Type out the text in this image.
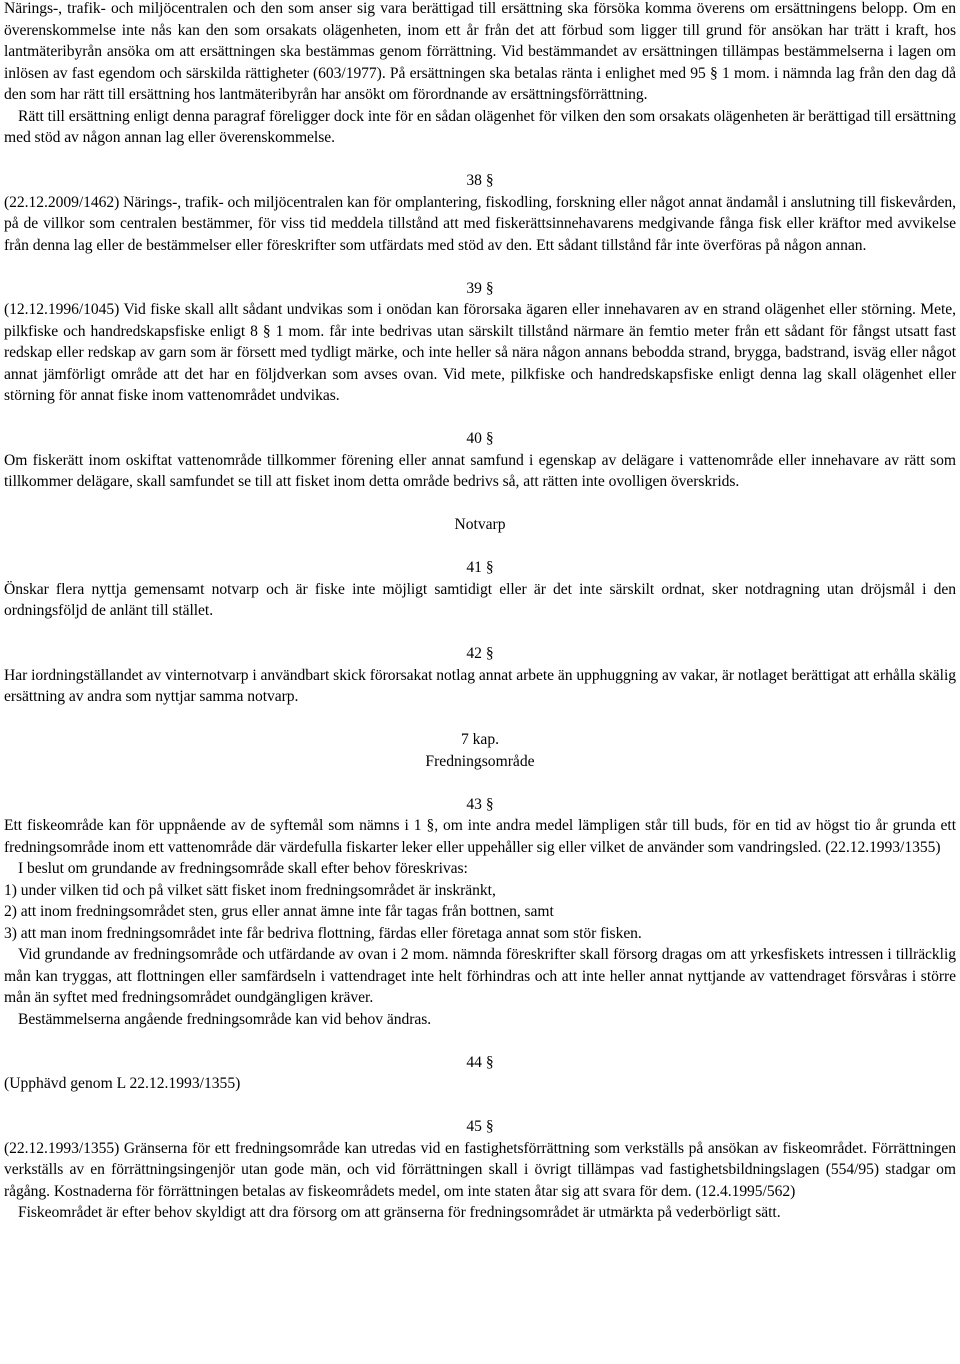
Närings-, trafik- och miljöcentralen och den som anser sig vara berättigad till ersättning ska försöka komma överens om ersättningens belopp. Om en överenskommelse inte nås kan den som orsakats olägenheten, inom ett år från det att förbud som ligger till grund för ansökan har trätt i kraft, hos lantmäteribyrån ansöka om att ersättningen ska bestämmas genom förrättning. Vid bestämmandet av ersättningen tillämpas bestämmelserna i lagen om inlösen av fast egendom och särskilda rättigheter (603/1977). På ersättningen ska betalas ränta i enlighet med 95 § 1 mom. i nämnda lag från den dag då den som har rätt till ersättning hos lantmäteribyrån har ansökt om förordnande av ersättningsförrättning.

Rätt till ersättning enligt denna paragraf föreligger dock inte för en sådan olägenhet för vilken den som orsakats olägenheten är berättigad till ersättning med stöd av någon annan lag eller överenskommelse.

38 §

(22.12.2009/1462) Närings-, trafik- och miljöcentralen kan för omplantering, fiskodling, forskning eller något annat ändamål i anslutning till fiskevården, på de villkor som centralen bestämmer, för viss tid meddela tillstånd att med fiskerättsinnehavarens medgivande fånga fisk eller kräftor med avvikelse från denna lag eller de bestämmelser eller föreskrifter som utfärdats med stöd av den. Ett sådant tillstånd får inte överföras på någon annan.

39 §

(12.12.1996/1045) Vid fiske skall allt sådant undvikas som i onödan kan förorsaka ägaren eller innehavaren av en strand olägenhet eller störning. Mete, pilkfiske och handredskapsfiske enligt 8 § 1 mom. får inte bedrivas utan särskilt tillstånd närmare än femtio meter från ett sådant för fångst utsatt fast redskap eller redskap av garn som är försett med tydligt märke, och inte heller så nära någon annans bebodda strand, brygga, badstrand, isväg eller något annat jämförligt område att det har en följdverkan som avses ovan. Vid mete, pilkfiske och handredskapsfiske enligt denna lag skall olägenhet eller störning för annat fiske inom vattenområdet undvikas.

40 §

Om fiskerätt inom oskiftat vattenområde tillkommer förening eller annat samfund i egenskap av delägare i vattenområde eller innehavare av rätt som tillkommer delägare, skall samfundet se till att fisket inom detta område bedrivs så, att rätten inte ovolligen överskrids.

Notvarp

41 §

Önskar flera nyttja gemensamt notvarp och är fiske inte möjligt samtidigt eller är det inte särskilt ordnat, sker notdragning utan dröjsmål i den ordningsföljd de anlänt till stället.

42 §

Har iordningställandet av vinternotvarp i användbart skick förorsakat notlag annat arbete än upphuggning av vakar, är notlaget berättigat att erhålla skälig ersättning av andra som nyttjar samma notvarp.

7 kap.

Fredningsområde

43 §

Ett fiskeområde kan för uppnående av de syftemål som nämns i 1 §, om inte andra medel lämpligen står till buds, för en tid av högst tio år grunda ett fredningsområde inom ett vattenområde där värdefulla fiskarter leker eller uppehåller sig eller vilket de använder som vandringsled. (22.12.1993/1355)

I beslut om grundande av fredningsområde skall efter behov föreskrivas:

1) under vilken tid och på vilket sätt fisket inom fredningsområdet är inskränkt,

2) att inom fredningsområdet sten, grus eller annat ämne inte får tagas från bottnen, samt

3) att man inom fredningsområdet inte får bedriva flottning, färdas eller företaga annat som stör fisken.

Vid grundande av fredningsområde och utfärdande av ovan i 2 mom. nämnda föreskrifter skall försorg dragas om att yrkesfiskets intressen i tillräcklig mån kan tryggas, att flottningen eller samfärdseln i vattendraget inte helt förhindras och att inte heller annat nyttjande av vattendraget försvåras i större mån än syftet med fredningsområdet oundgängligen kräver.

Bestämmelserna angående fredningsområde kan vid behov ändras.

44 §
(Upphävd genom L 22.12.1993/1355)

45 §

(22.12.1993/1355) Gränserna för ett fredningsområde kan utredas vid en fastighetsförrättning som verkställs på ansökan av fiskeområdet. Förrättningen verkställs av en förrättningsingenjör utan gode män, och vid förrättningen skall i övrigt tillämpas vad fastighetsbildningslagen (554/95) stadgar om rågång. Kostnaderna för förrättningen betalas av fiskeområdets medel, om inte staten åtar sig att svara för dem. (12.4.1995/562)

Fiskeområdet är efter behov skyldigt att dra försorg om att gränserna för fredningsområdet är utmärkta på vederbörligt sätt.
